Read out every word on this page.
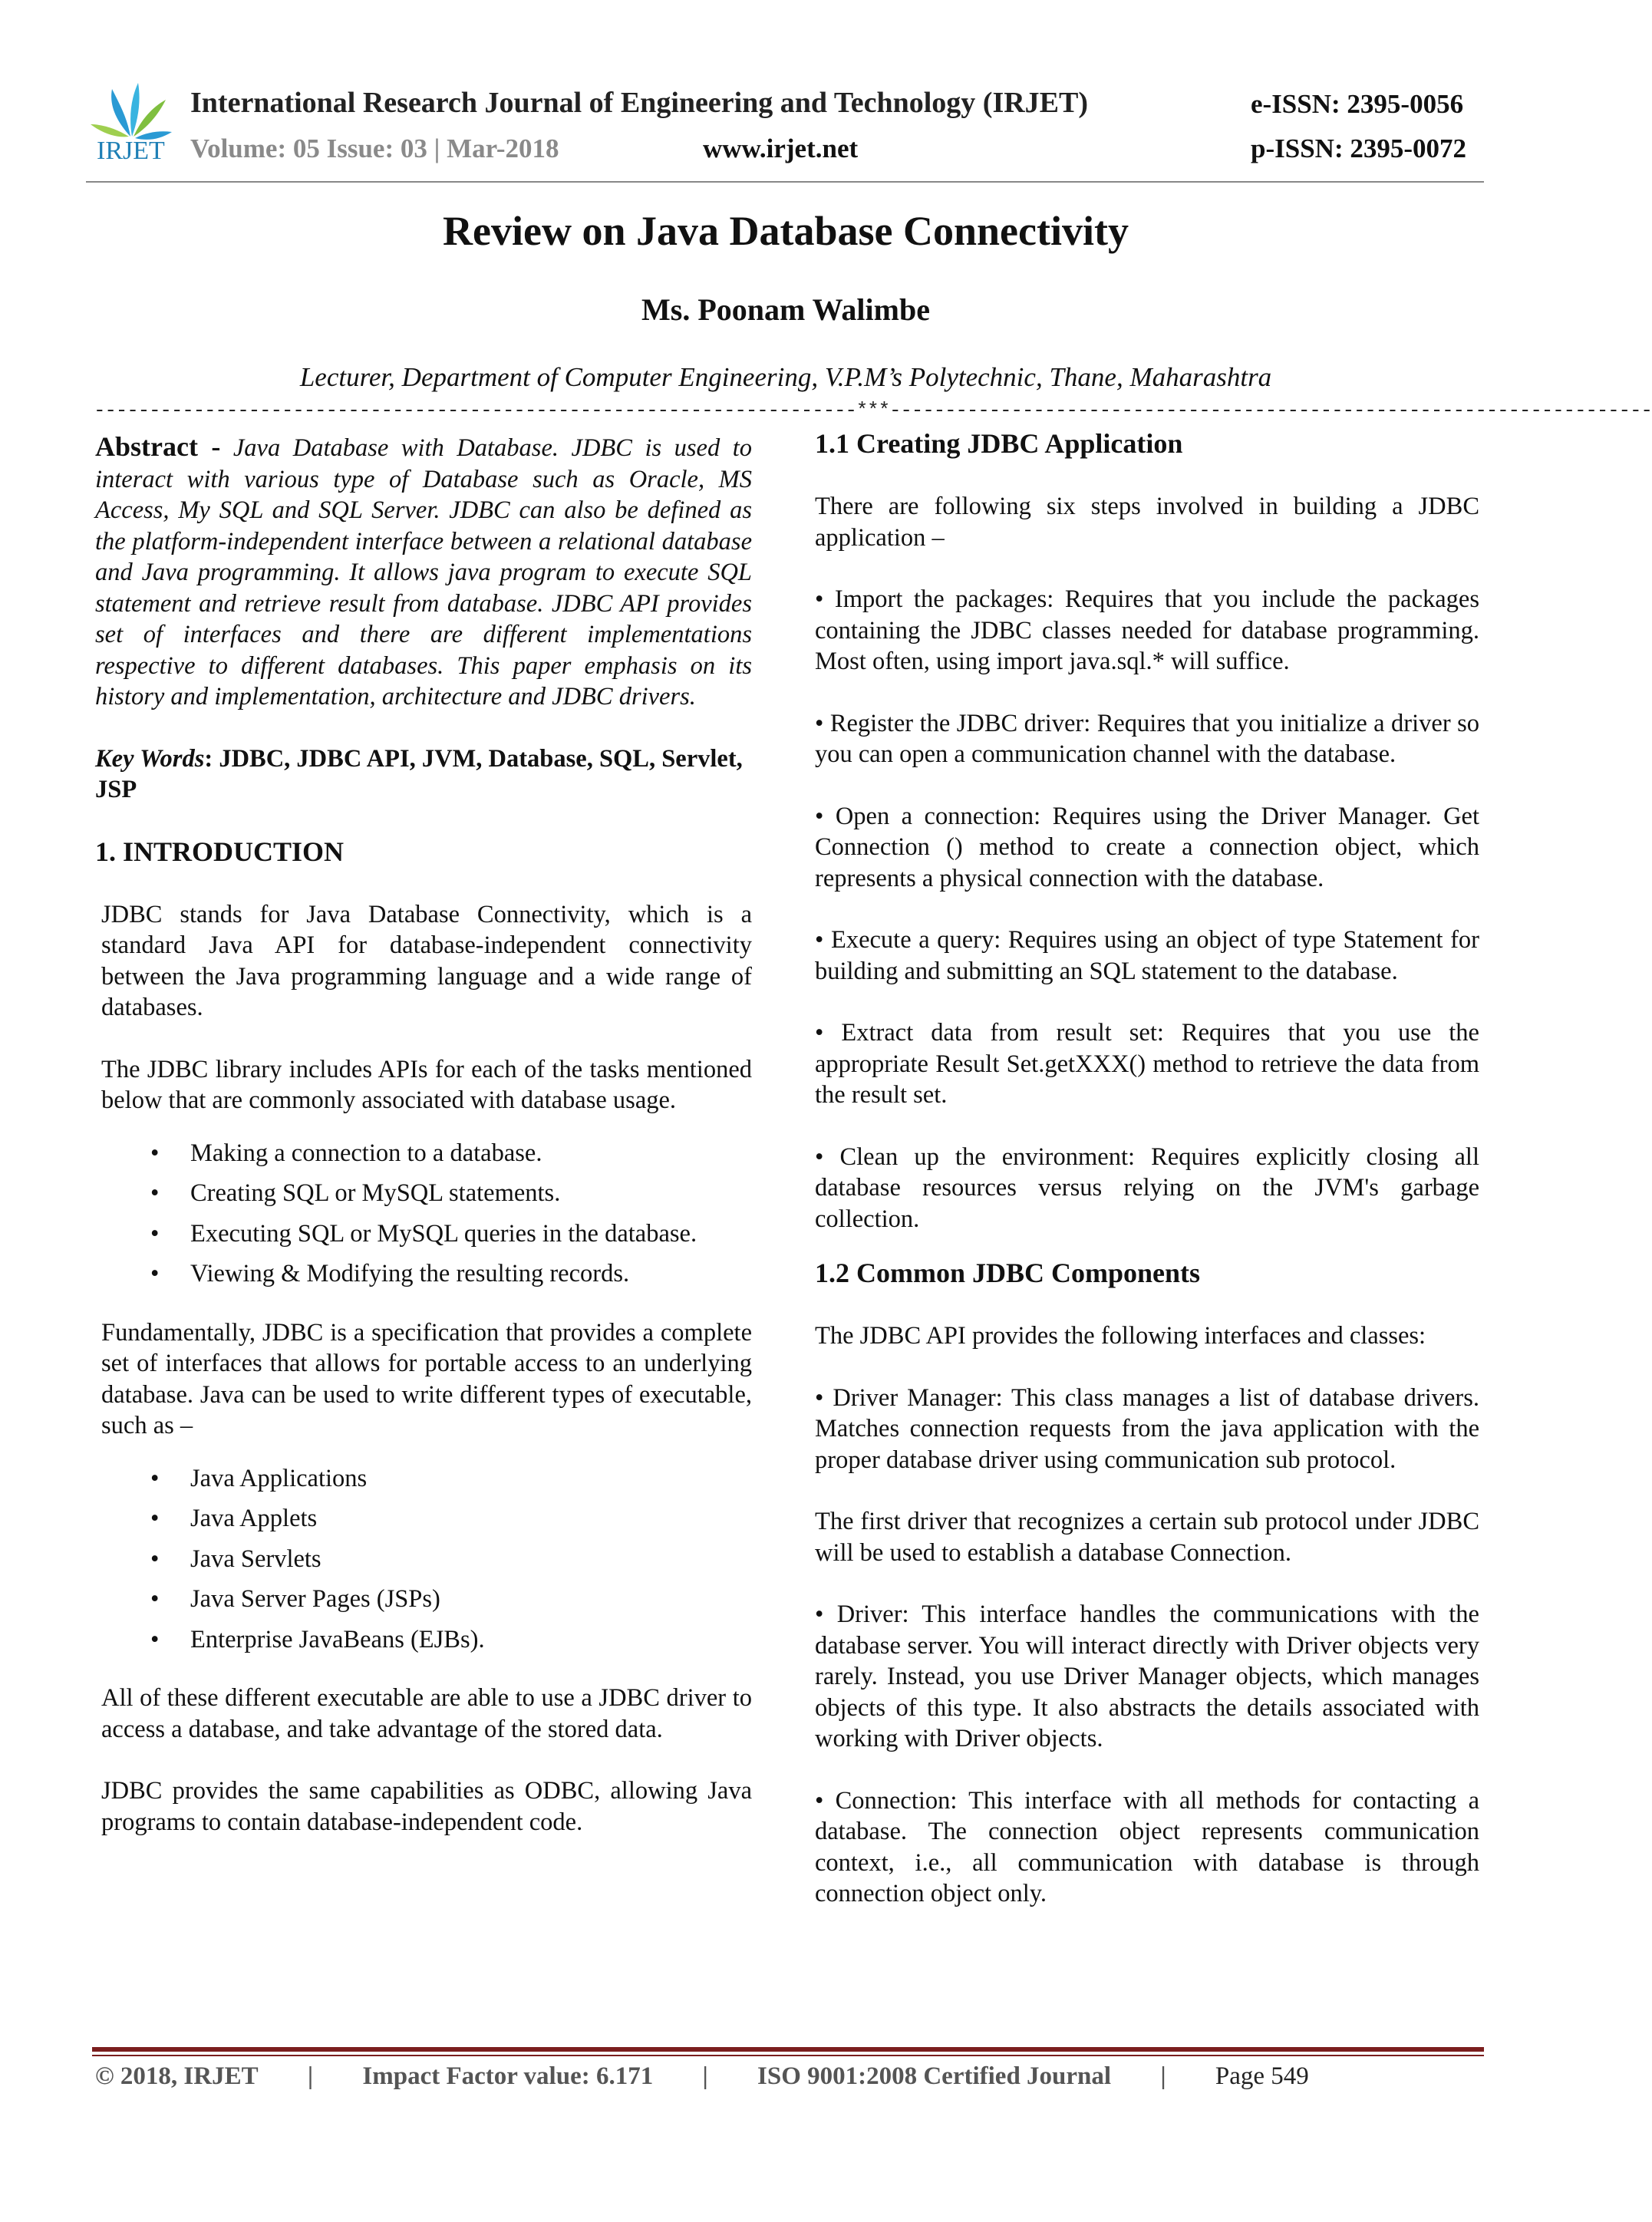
IRJET
International Research Journal of Engineering and Technology (IRJET)	e-ISSN: 2395-0056
Volume: 05 Issue: 03 | Mar-2018	www.irjet.net	p-ISSN: 2395-0072
Review on Java Database Connectivity
Ms. Poonam Walimbe
Lecturer, Department of Computer Engineering, V.P.M’s Polytechnic, Thane, Maharashtra
---------------------------------------------------------------------***---------------------------------------------------------------------

Abstract - Java Database with Database. JDBC is used to interact with various type of Database such as Oracle, MS Access, My SQL and SQL Server. JDBC can also be defined as the platform-independent interface between a relational database and Java programming. It allows java program to execute SQL statement and retrieve result from database. JDBC API provides set of interfaces and there are different implementations respective to different databases. This paper emphasis on its history and implementation, architecture and JDBC drivers.

Key Words: JDBC, JDBC API, JVM, Database, SQL, Servlet, JSP

1. INTRODUCTION

JDBC stands for Java Database Connectivity, which is a standard Java API for database-independent connectivity between the Java programming language and a wide range of databases.

The JDBC library includes APIs for each of the tasks mentioned below that are commonly associated with database usage.

• Making a connection to a database.
• Creating SQL or MySQL statements.
• Executing SQL or MySQL queries in the database.
• Viewing & Modifying the resulting records.

Fundamentally, JDBC is a specification that provides a complete set of interfaces that allows for portable access to an underlying database. Java can be used to write different types of executable, such as –

• Java Applications
• Java Applets
• Java Servlets
• Java Server Pages (JSPs)
• Enterprise JavaBeans (EJBs).

All of these different executable are able to use a JDBC driver to access a database, and take advantage of the stored data.

JDBC provides the same capabilities as ODBC, allowing Java programs to contain database-independent code.

1.1 Creating JDBC Application

There are following six steps involved in building a JDBC application –

• Import the packages: Requires that you include the packages containing the JDBC classes needed for database programming. Most often, using import java.sql.* will suffice.

• Register the JDBC driver: Requires that you initialize a driver so you can open a communication channel with the database.

• Open a connection: Requires using the Driver Manager. Get Connection () method to create a connection object, which represents a physical connection with the database.

• Execute a query: Requires using an object of type Statement for building and submitting an SQL statement to the database.

• Extract data from result set: Requires that you use the appropriate Result Set.getXXX() method to retrieve the data from the result set.

• Clean up the environment: Requires explicitly closing all database resources versus relying on the JVM's garbage collection.

1.2 Common JDBC Components

The JDBC API provides the following interfaces and classes:

• Driver Manager: This class manages a list of database drivers. Matches connection requests from the java application with the proper database driver using communication sub protocol.

The first driver that recognizes a certain sub protocol under JDBC will be used to establish a database Connection.

• Driver: This interface handles the communications with the database server. You will interact directly with Driver objects very rarely. Instead, you use Driver Manager objects, which manages objects of this type. It also abstracts the details associated with working with Driver objects.

• Connection: This interface with all methods for contacting a database. The connection object represents communication context, i.e., all communication with database is through connection object only.

© 2018, IRJET | Impact Factor value: 6.171 | ISO 9001:2008 Certified Journal | Page 549
